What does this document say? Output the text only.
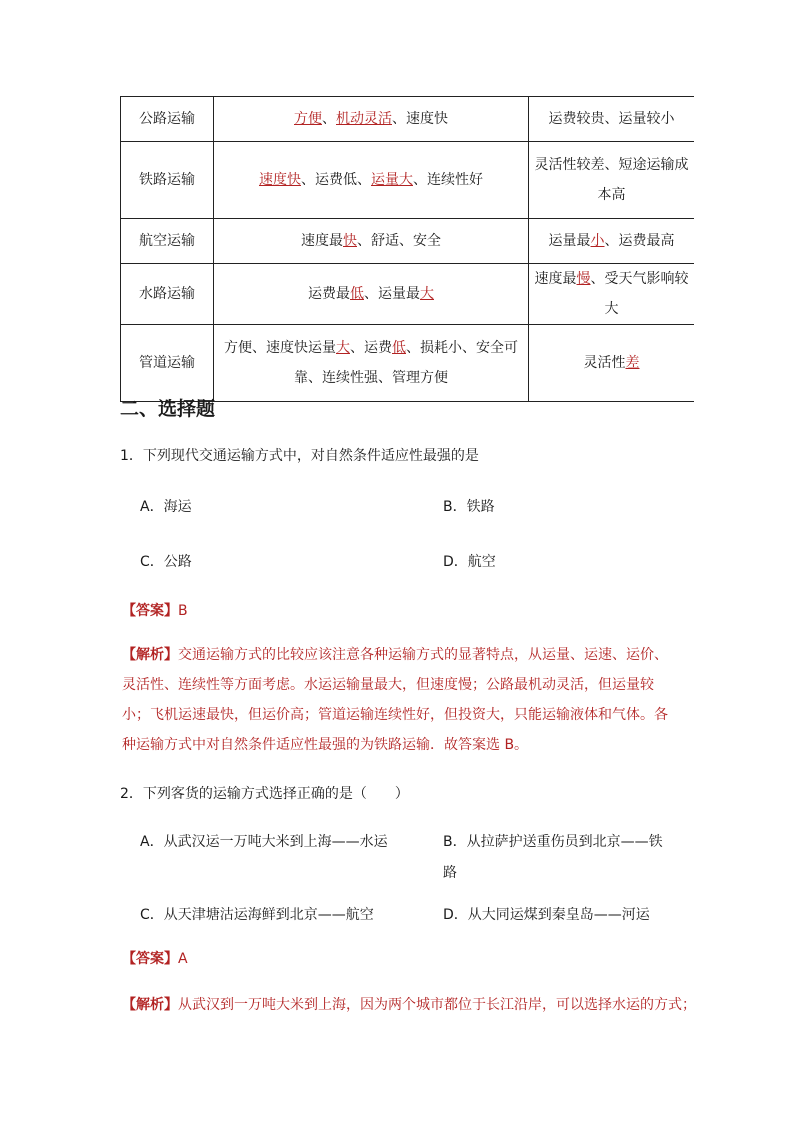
公路运输	方便、机动灵活、速度快	运费较贵、运量较小
铁路运输	速度快、运费低、运量大、连续性好	灵活性较差、短途运输成本高
航空运输	速度最快、舒适、安全	运量最小、运费最高
水路运输	运费最低、运量最大	速度最慢、受天气影响较大
管道运输	方便、速度快运量大、运费低、损耗小、安全可靠、连续性强、管理方便	灵活性差
二、选择题
1．下列现代交通运输方式中，对自然条件适应性最强的是
A．海运	B．铁路
C．公路	D．航空
【答案】B
【解析】交通运输方式的比较应该注意各种运输方式的显著特点，从运量、运速、运价、灵活性、连续性等方面考虑。水运运输量最大，但速度慢；公路最机动灵活，但运量较小；飞机运速最快，但运价高；管道运输连续性好，但投资大，只能运输液体和气体。各种运输方式中对自然条件适应性最强的为铁路运输．故答案选 B。
2．下列客货的运输方式选择正确的是（　　）
A．从武汉运一万吨大米到上海——水运	B．从拉萨护送重伤员到北京——铁路
C．从天津塘沽运海鲜到北京——航空	D．从大同运煤到秦皇岛——河运
【答案】A
【解析】从武汉到一万吨大米到上海，因为两个城市都位于长江沿岸，可以选择水运的方式；
